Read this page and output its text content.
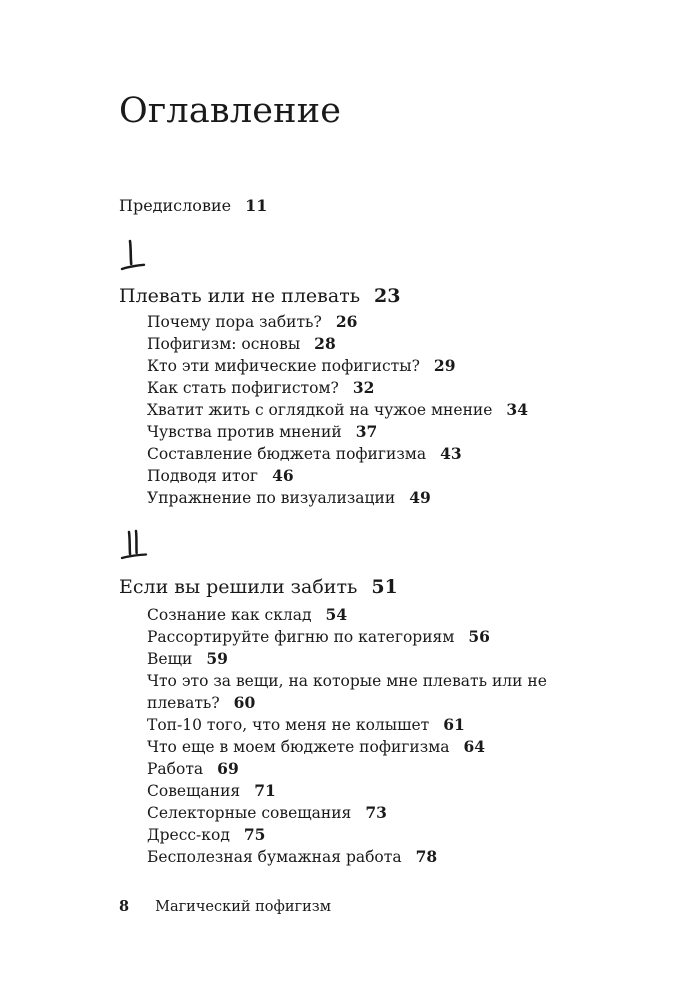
Оглавление
Предисловие 11
Плевать или не плевать 23
Почему пора забить? 26
Пофигизм: основы 28
Кто эти мифические пофигисты? 29
Как стать пофигистом? 32
Хватит жить с оглядкой на чужое мнение 34
Чувства против мнений 37
Составление бюджета пофигизма 43
Подводя итог 46
Упражнение по визуализации 49
Если вы решили забить 51
Сознание как склад 54
Рассортируйте фигню по категориям 56
Вещи 59
Что это за вещи, на которые мне плевать или не
плевать? 60
Топ-10 того, что меня не колышет 61
Что еще в моем бюджете пофигизма 64
Работа 69
Совещания 71
Селекторные совещания 73
Дресс-код 75
Бесполезная бумажная работа 78
8 Магический пофигизм
